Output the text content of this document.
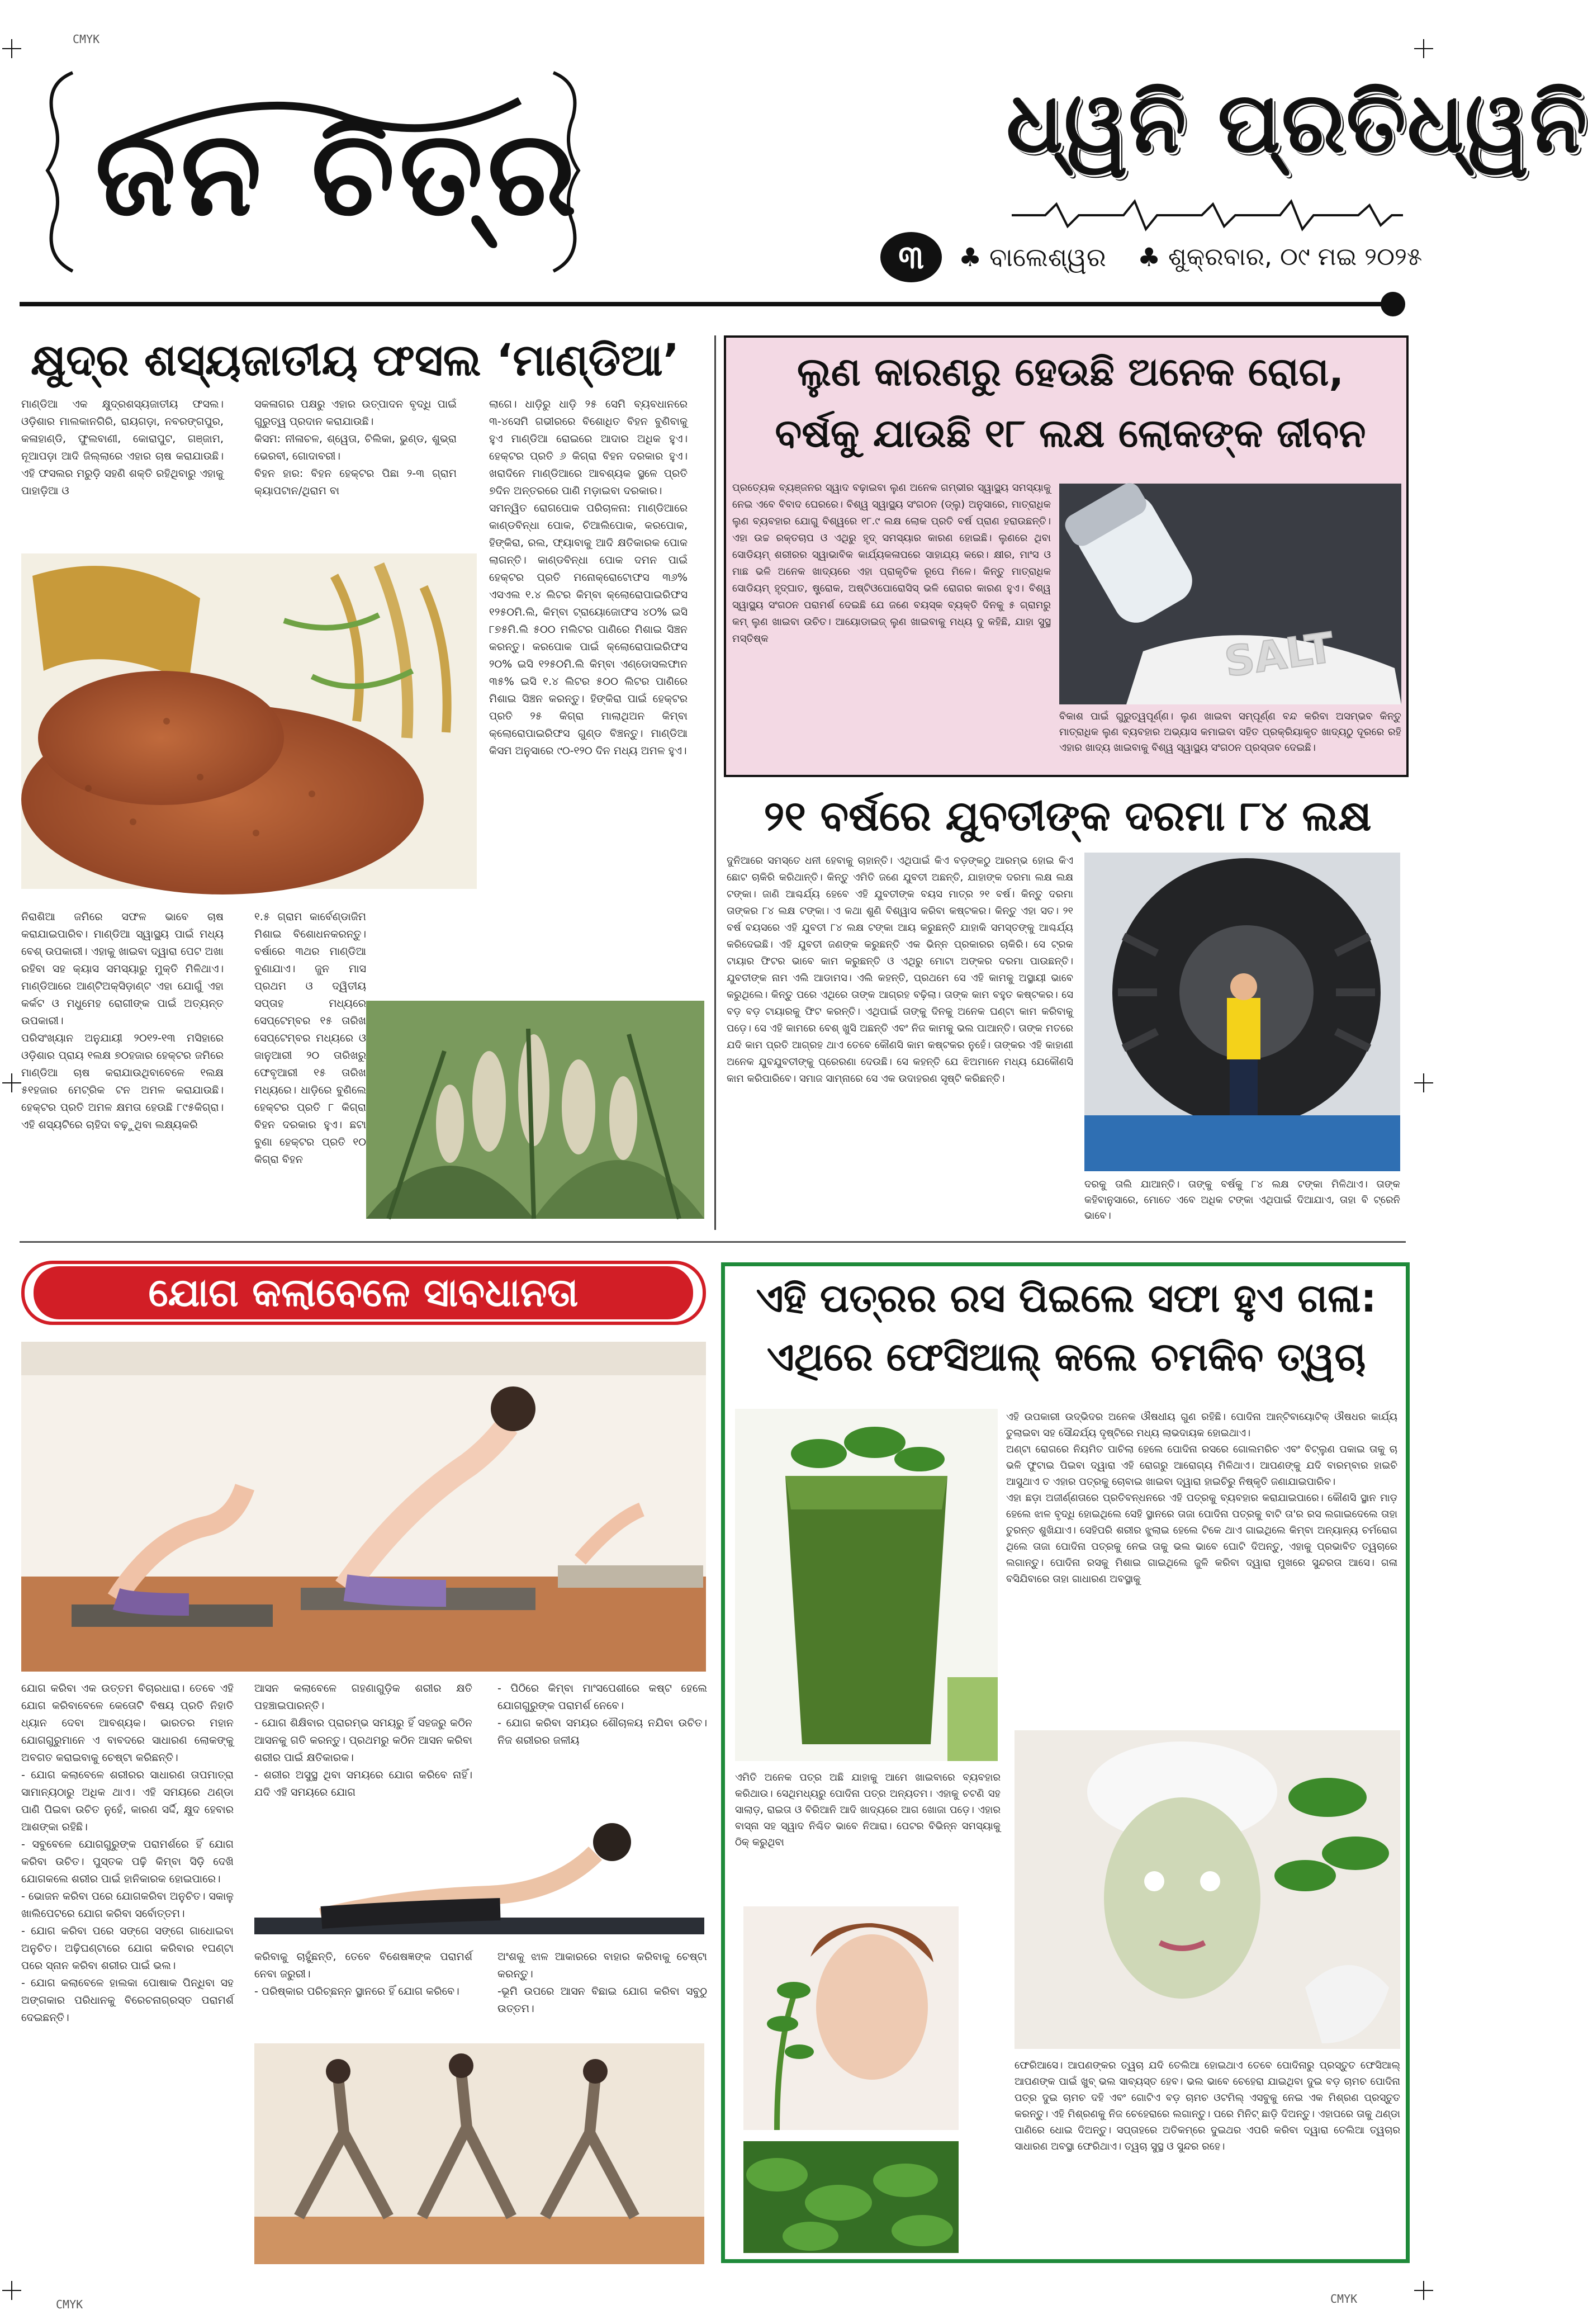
CMYK
CMYK
CMYK
ଜନ ଚିତ୍ର	ଧ୍ୱନି ପ୍ରତିଧ୍ୱନି
୩	♣ ବାଲେଶ୍ୱର ♣ ଶୁକ୍ରବାର, ୦୯ ମଇ ୨୦୨୫
କ୍ଷୁଦ୍ର ଶସ୍ୟଜାତୀୟ ଫସଲ ‘ମାଣ୍ଡିଆ’
ମାଣ୍ଡିଆ ଏକ କ୍ଷୁଦ୍ରଶସ୍ୟଜାତୀୟ ଫସଲ। ଓଡ଼ିଶାର ମାଲକାନଗିରି, ରାୟଗଡ଼ା, ନବରଙ୍ଗପୁର, କଳାହାଣ୍ଡି, ଫୁଲବାଣୀ, କୋରାପୁଟ, ଗଞ୍ଜାମ, ନୂଆପଡ଼ା ଆଦି ଜିଲ୍ଲାରେ ଏହାର ଚାଷ କରାଯାଉଛି। ଏହି ଫସଲର ମରୁଡ଼ି ସହଣି ଶକ୍ତି ରହିଥିବାରୁ ଏହାକୁ ପାହାଡ଼ିଆ ଓ
ସକଳାଗର ପକ୍ଷରୁ ଏହାର ଉତ୍ପାଦନ ବୃଦ୍ଧି ପାଇଁ ଗୁରୁତ୍ୱ ପ୍ରଦାନ କରାଯାଉଛି।
କିସମ: ନୀଳାଚଳ, ଶ୍ୱେତା, ଚିଲିକା, ଭୁଣ୍ଡ, ଶୁଭ୍ରା ଭେରବୀ, ଗୋଦାବରୀ।
ବିହନ ହାର: ବିହନ ହେକ୍ଟର ପିଛା ୨-୩ ଗ୍ରାମ କ୍ୟାପଟାନ/ଥିରାମ ବା
ଲାଗେ। ଧାଡ଼ିରୁ ଧାଡ଼ି ୨୫ ସେମି ବ୍ୟବଧାନରେ ୩-୪ସେମି ଗଭୀରରେ ବିଶୋଧିତ ବିହନ ବୁଣିବାକୁ ହୁଏ ମାଣ୍ଡିଆ ରୋଇରେ ଆଦାର ଅଧିକ ହୁଏ। ହେକ୍ଟର ପ୍ରତି ୬ କିଗ୍ରା ବିହନ ଦରକାର ହୁଏ। ଖରାଦିନେ ମାଣ୍ଡିଆରେ ଆବଶ୍ୟକ ସ୍ଥଳେ ପ୍ରତି ୭ଦିନ ଅନ୍ତରରେ ପାଣି ମଡ଼ାଇବା ଦରକାର।
ସମନ୍ୱିତ ରୋଗପୋକ ପରିଚାଳନା: ମାଣ୍ଡିଆରେ କାଣ୍ଡବିନ୍ଧା ପୋକ, ଚିଆଲିପୋକ, କରପୋକ, ହିଙ୍କିରା, ରଲ, ଫ୍ୟାବାକୁ ଆଦି କ୍ଷତିକାରକ ପୋକ ଲାଗନ୍ତି। କାଣ୍ଡବିନ୍ଧା ପୋକ ଦମନ ପାଇଁ ହେକ୍ଟର ପ୍ରତି ମନୋକ୍ରୋଟୋଫସ ୩୬% ଏସଏଲ ୧.୪ ଲିଟର କିମ୍ବା କ୍ଲୋରୋପାଇରିଫସ ୧୨୫୦ମି.ଲି, କିମ୍ବା ଟ୍ରାୟୋଜୋଫସ ୪୦% ଇସି ୮୭୫ମି.ଲି ୫୦୦ ମଲିଟର ପାଣିରେ ମିଶାଇ ସିଞ୍ଚନ କରନ୍ତୁ। କରପୋକ ପାଇଁ କ୍ଲୋରୋପାଇରିଫସ ୨୦% ଇସି ୧୨୫୦ମି.ଲି କିମ୍ବା ଏଣ୍ଡୋସଲଫାନ ୩୫% ଇସି ୧.୪ ଲିଟର ୫୦୦ ଲିଟର ପାଣିରେ ମିଶାଇ ସିଞ୍ଚନ କରନ୍ତୁ। ହିଙ୍କିରା ପାଇଁ ହେକ୍ଟର ପ୍ରତି ୨୫ କିଗ୍ରା ମାଲାଥିଅନ କିମ୍ବା କ୍ଲୋରୋପାଇରିଫସ ଗୁଣ୍ଡ ବିଞ୍ଚନ୍ତୁ। ମାଣ୍ଡିଆ କିସମ ଅନୁସାରେ ୯୦-୧୨୦ ଦିନ ମଧ୍ୟ ଅମଳ ହୁଏ।
ନିରାଶିଆ ଜମିରେ ସଫଳ ଭାବେ ଚାଷ କରାଯାଇପାରିବ। ମାଣ୍ଡିଆ ସ୍ୱାସ୍ଥ୍ୟ ପାଇଁ ମଧ୍ୟ ବେଶ୍ ଉପକାରୀ। ଏହାକୁ ଖାଇବା ଦ୍ୱାରା ପେଟ ଅଖା ରହିବା ସହ କ୍ୟାସ ସମସ୍ୟାରୁ ମୁକ୍ତି ମିଳିଥାଏ। ମାଣ୍ଡିଆରେ ଆଣ୍ଟିଅକ୍ସିଡ଼ାଣ୍ଟ ଏହା ଯୋଗୁଁ ଏହା କର୍କଟ ଓ ମଧୁମେହ ରୋଗୀଙ୍କ ପାଇଁ ଅତ୍ୟନ୍ତ ଉପକାରୀ।
ପରିସଂଖ୍ୟାନ ଅନୁଯାୟୀ ୨୦୧୨-୧୩ ମସିହାରେ ଓଡ଼ିଶାର ପ୍ରାୟ ୧ଲକ୍ଷ ୭୦ହଜାର ହେକ୍ଟର ଜମିରେ ମାଣ୍ଡିଆ ଚାଷ କରାଯାଉଥିବାବେଳେ ୧ଲକ୍ଷ ୫୧ହଜାର ମେଟ୍ରିକ ଟନ ଅମଳ କରାଯାଉଛି। ହେକ୍ଟର ପ୍ରତି ଅମଳ କ୍ଷମତା ହେଉଛି ୮୯୫କିଗ୍ରା। ଏହି ଶସ୍ୟଟିରେ ଚାହିଦା ବଢ଼ୁଥିବା ଲକ୍ଷ୍ୟକରି
୧.୫ ଗ୍ରାମ କାର୍ବେଣ୍ଡାଜିମ ମିଶାଇ ବିଶୋଧନକରନ୍ତୁ। ବର୍ଷାରେ ୩ଥର ମାଣ୍ଡିଆ ବୁଣାଯାଏ। ଜୁନ ମାସ ପ୍ରଥମ ଓ ଦ୍ୱିତୀୟ ସପ୍ତାହ ମଧ୍ୟରେ ସେପ୍ଟେମ୍ବର ୧୫ ତାରିଖ ସେପ୍ଟେମ୍ବର ମଧ୍ୟରେ ଓ ଜାନୁଆରୀ ୨୦ ତାରିଖରୁ ଫେବୃଆରୀ ୧୫ ତାରିଖ ମଧ୍ୟରେ। ଧାଡ଼ିରେ ବୁଣିଲେ ହେକ୍ଟର ପ୍ରତି ୮ କିଗ୍ରା ବିହନ ଦରକାର ହୁଏ। ଛଟା ବୁଣା ହେକ୍ଟର ପ୍ରତି ୧୦ କିଗ୍ରା ବିହନ
ଲୁଣ କାରଣରୁ ହେଉଛି ଅନେକ ରୋଗ,
ବର୍ଷକୁ ଯାଉଛି ୧୮ ଲକ୍ଷ ଲୋକଙ୍କ ଜୀବନ
ପ୍ରତ୍ୟେକ ବ୍ୟଞ୍ଜନର ସ୍ୱାଦ ବଢ଼ାଇବା ଲୁଣ ଅନେକ ଗମ୍ଭୀର ସ୍ୱାସ୍ଥ୍ୟ ସମସ୍ୟାକୁ ନେଇ ଏବେ ବିବାଦ ଘେରରେ। ବିଶ୍ୱ ସ୍ୱାସ୍ଥ୍ୟ ସଂଗଠନ (ଡ୍ଲୁ) ଅନୁସାରେ, ମାତ୍ରାଧିକ ଲୁଣ ବ୍ୟବହାର ଯୋଗୁ ବିଶ୍ୱରେ ୧୮.୯ ଲକ୍ଷ ଲୋକ ପ୍ରତି ବର୍ଷ ପ୍ରାଣ ହରାଉଛନ୍ତି। ଏହା ଉଚ୍ଚ ରକ୍ତଚାପ ଓ ଏଥିରୁ ହୃଦ୍ ସମସ୍ୟାର କାରଣ ହୋଇଛି। ଲୁଣରେ ଥିବା ସୋଡିୟମ୍ ଶରୀରର ସ୍ୱାଭାବିକ କାର୍ଯ୍ୟକଳାପରେ ସାହାଯ୍ୟ କରେ। କ୍ଷୀର, ମାଂସ ଓ ମାଛ ଭଳି ଅନେକ ଖାଦ୍ୟରେ ଏହା ପ୍ରାକୃତିକ ରୂପେ ମିଳେ। କିନ୍ତୁ ମାତ୍ରାଧିକ ସୋଡିୟମ୍ ହୃଦ୍‌ଘାତ, ଷ୍ଟ୍ରୋକ, ଅଷ୍ଟିଓପୋରୋସିସ୍ ଭଳି ରୋଗର କାରଣ ହୁଏ। ବିଶ୍ୱ ସ୍ୱାସ୍ଥ୍ୟ ସଂଗଠନ ପରାମର୍ଶ ଦେଇଛି ଯେ ଜଣେ ବୟସ୍କ ବ୍ୟକ୍ତି ଦିନକୁ ୫ ଗ୍ରାମରୁ କମ୍ ଲୁଣ ଖାଇବା ଉଚିତ। ଆୟୋଡାଇଜ୍ ଲୁଣ ଖାଇବାକୁ ମଧ୍ୟ ଦୁ କହିଛି, ଯାହା ସୁସ୍ଥ ମସ୍ତିଷ୍କ	SALT
ବିକାଶ ପାଇଁ ଗୁରୁତ୍ୱପୂର୍ଣ୍ଣ। ଲୁଣ ଖାଇବା ସମ୍ପୂର୍ଣ୍ଣ ବନ୍ଦ କରିବା ଅସମ୍ଭବ କିନ୍ତୁ ମାତ୍ରାଧିକ ଲୁଣ ବ୍ୟବହାର ଅଭ୍ୟାସ କମାଇବା ସହିତ ପ୍ରକ୍ରିୟାକୃତ ଖାଦ୍ୟଠୁ ଦୂରରେ ରହି ଏହାର ଖାଦ୍ୟ ଖାଇବାକୁ ବିଶ୍ୱ ସ୍ୱାସ୍ଥ୍ୟ ସଂଗଠନ ପ୍ରସ୍ତାବ ଦେଇଛି।
୨୧ ବର୍ଷରେ ଯୁବତୀଙ୍କ ଦରମା ୮୪ ଲକ୍ଷ
ଦୁନିଆରେ ସମସ୍ତେ ଧନୀ ହେବାକୁ ଚାହାନ୍ତି। ଏଥିପାଇଁ କିଏ ବଡ଼ଙ୍କଠୁ ଆରମ୍ଭ ହୋଇ କିଏ ଛୋଟ ଚାକିରି କରିଥାନ୍ତି। କିନ୍ତୁ ଏମିତି ଜଣେ ଯୁବତୀ ଅଛନ୍ତି, ଯାହାଙ୍କ ଦରମା ଲକ୍ଷ ଲକ୍ଷ ଟଙ୍କା। ଜାଣି ଆଶ୍ଚର୍ଯ୍ୟ ହେବେ ଏହି ଯୁବତୀଙ୍କ ବୟସ ମାତ୍ର ୨୧ ବର୍ଷ। କିନ୍ତୁ ଦରମା ତାଙ୍କର ୮୪ ଲକ୍ଷ ଟଙ୍କା। ଏ କଥା ଶୁଣି ବିଶ୍ୱାସ କରିବା କଷ୍ଟକର। କିନ୍ତୁ ଏହା ସତ। ୨୧ ବର୍ଷ ବୟସରେ ଏହି ଯୁବତୀ ୮୪ ଲକ୍ଷ ଟଙ୍କା ଆୟ କରୁଛନ୍ତି ଯାହାକି ସମସ୍ତଙ୍କୁ ଆଶ୍ଚର୍ଯ୍ୟ କରିଦେଇଛି। ଏହି ଯୁବତୀ ଜଣଙ୍କ କରୁଛନ୍ତି ଏକ ଭିନ୍ନ ପ୍ରକାରର ଚାକିରି। ସେ ଟ୍ରକ ଟାୟାର ଫିଟର ଭାବେ କାମ କରୁଛନ୍ତି ଓ ଏଥିରୁ ମୋଟା ଅଙ୍କର ଦରମା ପାଉଛନ୍ତି। ଯୁବତୀଙ୍କ ନାମ ଏଲି ଆଡାମସ। ଏଲି କହନ୍ତି, ପ୍ରଥମେ ସେ ଏହି କାମକୁ ଅସ୍ଥାୟୀ ଭାବେ କରୁଥିଲେ। କିନ୍ତୁ ପରେ ଏଥିରେ ତାଙ୍କ ଆଗ୍ରହ ବଢ଼ିଲା। ତାଙ୍କ କାମ ବହୁତ କଷ୍ଟକର। ସେ ବଡ଼ ବଡ଼ ଟାୟାରକୁ ଫିଟ କରନ୍ତି। ଏଥିପାଇଁ ତାଙ୍କୁ ଦିନକୁ ଅନେକ ଘଣ୍ଟା କାମ କରିବାକୁ ପଡ଼େ। ସେ ଏହି କାମରେ ବେଶ୍ ଖୁସି ଅଛନ୍ତି ଏବଂ ନିଜ କାମକୁ ଭଲ ପାଆନ୍ତି। ତାଙ୍କ ମତରେ ଯଦି କାମ ପ୍ରତି ଆଗ୍ରହ ଥାଏ ତେବେ କୌଣସି କାମ କଷ୍ଟକର ନୁହେଁ। ତାଙ୍କର ଏହି କାହାଣୀ ଅନେକ ଯୁବଯୁବତୀଙ୍କୁ ପ୍ରେରଣା ଦେଉଛି। ସେ କହନ୍ତି ଯେ ଝିଅମାନେ ମଧ୍ୟ ଯେକୌଣସି କାମ କରିପାରିବେ। ସମାଜ ସାମ୍ନାରେ ସେ ଏକ ଉଦାହରଣ ସୃଷ୍ଟି କରିଛନ୍ତି।
ଦରକୁ ତାଲି ଯାଆନ୍ତି। ତାଙ୍କୁ ବର୍ଷକୁ ୮୪ ଲକ୍ଷ ଟଙ୍କା ମିଳିଥାଏ। ତାଙ୍କ କହିବାନୁସାରେ, ମୋତେ ଏବେ ଅଧିକ ଟଙ୍କା ଏଥିପାଇଁ ଦିଆଯାଏ, ତାହା ବି ଟ୍ରେନି ଭାବେ।
ଯୋଗ କଲାବେଳେ ସାବଧାନତା
ଯୋଗ କରିବା ଏକ ଉତ୍ତମ ବିଚାରଧାରା। ତେବେ ଏହି ଯୋଗ କରିବାବେଳେ କେତୋଟି ବିଷୟ ପ୍ରତି ନିହାତି ଧ୍ୟାନ ଦେବା ଆବଶ୍ୟକ। ଭାରତର ମହାନ ଯୋଗଗୁରୁମାନେ ଏ ବାବଦରେ ସାଧାରଣ ଲୋକଙ୍କୁ ଅବଗତ କରାଇବାକୁ ଚେଷ୍ଟା କରିଛନ୍ତି।
- ଯୋଗ କଲାବେଳେ ଶରୀରର ସାଧାରଣ ତାପମାତ୍ରା ସାମାନ୍ୟଠାରୁ ଅଧିକ ଥାଏ। ଏହି ସମୟରେ ଥଣ୍ଡା ପାଣି ପିଇବା ଉଚିତ ନୁହେଁ, କାରଣ ସର୍ଦ୍ଦି, କ୍ଷୁଦ ହେବାର ଆଶଙ୍କା ରହିଛି।
- ସବୁବେଳେ ଯୋଗଗୁରୁଙ୍କ ପରାମର୍ଶରେ ହିଁ ଯୋଗ କରିବା ଉଚିତ। ପୁସ୍ତକ ପଢ଼ି କିମ୍ବା ସିଡ଼ି ଦେଖି ଯୋଗକଲେ ଶରୀର ପାଇଁ ହାନିକାରକ ହୋଇପାରେ।
- ଭୋଜନ କରିବା ପରେ ଯୋଗକରିବା ଅନୁଚିତ। ସକାଳୁ ଖାଲିପେଟରେ ଯୋଗ କରିବା ସର୍ବୋତ୍ତମ।
- ଯୋଗ କରିବା ପରେ ସଙ୍ଗେ ସଙ୍ଗେ ଗାଧୋଇବା ଅନୁଚିତ। ଅଢ଼ିଘଣ୍ଟାରେ ଯୋଗ କରିବାର ୧ଘଣ୍ଟା ପରେ ସ୍ନାନ କରିବା ଶରୀର ପାଇଁ ଭଲ।
- ଯୋଗ କଲାବେଳେ ହାଲକା ପୋଷାକ ପିନ୍ଧିବା ସହ ଅଙ୍ଗକାର ପରିଧାନକୁ ବିରେଚନାଗ୍ରସ୍ତ ପରାମର୍ଶ ଦେଇଛନ୍ତି।
ଆସନ କଲାବେଳେ ଗହଣାଗୁଡ଼ିକ ଶରୀର କ୍ଷତି ପହଞ୍ଚାଇପାରନ୍ତି।
- ଯୋଗ ଶିକ୍ଷିବାର ପ୍ରାରମ୍ଭ ସମୟରୁ ହିଁ ସହଜରୁ କଠିନ ଆସନକୁ ଗତି କରନ୍ତୁ। ପ୍ରଥମରୁ କଠିନ ଆସନ କରିବା ଶରୀର ପାଇଁ କ୍ଷତିକାରକ।
- ଶରୀର ଅସୁସ୍ଥ ଥିବା ସମୟରେ ଯୋଗ କରିବେ ନାହିଁ। ଯଦି ଏହି ସମୟରେ ଯୋଗ
- ପିଠିରେ କିମ୍ବା ମାଂସପେଶୀରେ କଷ୍ଟ ହେଲେ ଯୋଗଗୁରୁଙ୍କ ପରାମର୍ଶ ନେବେ।
- ଯୋଗ କରିବା ସମୟର ଶୌଚାଳୟ ନଯିବା ଉଚିତ। ନିଜ ଶରୀରର ଜଳୀୟ
କରିବାକୁ ଚାହୁଁଛନ୍ତି, ତେବେ ବିଶେଷଜ୍ଞଙ୍କ ପରାମର୍ଶ ନେବା ଜରୁରୀ।
- ପରିଷ୍କାର ପରିଚ୍ଛନ୍ନ ସ୍ଥାନରେ ହିଁ ଯୋଗ କରିବେ।
ଅଂଶକୁ ଝାଳ ଆକାରରେ ବାହାର କରିବାକୁ ଚେଷ୍ଟା କରନ୍ତୁ।
-ଭୂମି ଉପରେ ଆସନ ବିଛାଇ ଯୋଗ କରିବା ସବୁଠୁ ଉତ୍ତମ।
ଏହି ପତ୍ରର ରସ ପିଇଲେ ସଫା ହୁଏ ଗଳା:
ଏଥିରେ ଫେସିଆଲ୍ କଲେ ଚମକିବ ତ୍ୱଚା
ଏହି ଉପକାରୀ ଉଦ୍ଭିଦର ଅନେକ ଔଷଧୀୟ ଗୁଣ ରହିଛି। ପୋଦିନା ଆନ୍ଟିବାୟୋଟିକ୍ ଔଷଧର କାର୍ଯ୍ୟ ତୁଲାଇବା ସହ ସୌନ୍ଦର୍ଯ୍ୟ ଦୃଷ୍ଟିରେ ମଧ୍ୟ ଲାଭଦାୟକ ହୋଇଥାଏ।
ଅଣ୍ଟା ରୋଗରେ ନିୟମିତ ପାଚିଲା ହେଲେ ପୋଦିନା ରସରେ ଗୋଲମରିଚ ଏବଂ ବିଟ୍‌ଲୁଣ ପକାଇ ତାକୁ ଚା ଭଳି ଫୁଟାଇ ପିଇବା ଦ୍ୱାରା ଏହି ରୋଗରୁ ଆରୋଗ୍ୟ ମିଳିଥାଏ। ଆପଣଙ୍କୁ ଯଦି ବାରମ୍ବାର ହାଇଚି ଆସୁଥାଏ ତ ଏହାର ପତ୍ରକୁ ଚୋବାଇ ଖାଇବା ଦ୍ୱାରା ହାଇଚିରୁ ନିଷ୍କୃତି ଜଣାଯାଇପାରିବ।
ଏହା ଛଡ଼ା ଅଜୀର୍ଣ୍ଣତାରେ ପ୍ରତିବନ୍ଧନରେ ଏହି ପତ୍ରକୁ ବ୍ୟବହାର କରାଯାଇପାରେ। କୌଣସି ସ୍ଥାନ ମାଡ଼ ହେଲେ ଝାଳ ବୃଦ୍ଧି ହୋଇଥିଲେ ସେହି ସ୍ଥାନରେ ତାଜା ପୋଦିନା ପତ୍ରକୁ ବାଟି ତା'ର ରସ ଲଗାଇଦେଲେ ତାହା ତୁରନ୍ତ ଶୁଖିଯାଏ। ସେହିପରି ଶରୀର ଝୁଲାଇ ହେଲେ ଟିକେ ଥାଏ ଗାଇଥିଲେ କିମ୍ବା ଅନ୍ୟାନ୍ୟ ଚର୍ମରୋଗ ଥିଲେ ତାଜା ପୋଦିନା ପତ୍ରକୁ ନେଇ ତାକୁ ଭଲ ଭାବେ ଘୋଟି ଦିଅନ୍ତୁ, ଏହାକୁ ପ୍ରଭାବିତ ତ୍ୱଚାରେ ଲଗାନ୍ତୁ। ପୋଦିନା ରସକୁ ମିଶାଇ ଗାଇଥିଲେ ଜୁଳି କରିବା ଦ୍ୱାରା ମୁଖରେ ସୁନ୍ଦରତା ଆସେ। ଗଳା ବସିଯିବାରେ ତାହା ଗାଧାରଣ ଅବସ୍ଥାକୁ
ଏମିତି ଅନେକ ପତ୍ର ଅଛି ଯାହାକୁ ଆମେ ଖାଇବାରେ ବ୍ୟବହାର କରିଥାଉ। ସେଥିମଧ୍ୟରୁ ପୋଦିନା ପତ୍ର ଅନ୍ୟତମ। ଏହାକୁ ଚଟଣି ସହ ସାଲାଡ଼, ରାଇତା ଓ ବିରିଆନି ଆଦି ଖାଦ୍ୟରେ ଆଗ ଖୋଜା ପଡ଼େ। ଏହାର ବାସ୍ନା ସହ ସ୍ୱାଦ ନିଶ୍ଚିତ ଭାବେ ନିଆରା। ପେଟର ବିଭିନ୍ନ ସମସ୍ୟାକୁ ଠିକ୍ କରୁଥିବା
ଫେରିଆସେ। ଆପଣଙ୍କର ତ୍ୱଚା ଯଦି ତେଲିଆ ହୋଇଥାଏ ତେବେ ପୋଦିନାରୁ ପ୍ରସ୍ତୁତ ଫେସିଆଲ୍ ଆପଣଙ୍କ ପାଇଁ ଖୁବ୍ ଭଲ ସାବ୍ୟସ୍ତ ହେବ। ଭଲ ଭାବେ ଚେହେରା ଯାଇଥିବା ଦୁଇ ବଡ଼ ଚାମଚ ପୋଦିନା ପତ୍ର ଦୁଇ ଚାମଚ ଦହି ଏବଂ ଗୋଟିଏ ବଡ଼ ଚାମଚ ଓଟମିଲ୍ ଏସବୁକୁ ନେଇ ଏକ ମିଶ୍ରଣ ପ୍ରସ୍ତୁତ କରନ୍ତୁ। ଏହି ମିଶ୍ରଣକୁ ନିଜ ଚେହେରାରେ ଲଗାନ୍ତୁ। ପରେ ମିନିଟ୍ ଛାଡ଼ି ଦିଅନ୍ତୁ। ଏହାପରେ ତାକୁ ଥଣ୍ଡା ପାଣିରେ ଧୋଇ ଦିଅନ୍ତୁ। ସପ୍ତାହରେ ଅତିକମ୍‌ରେ ଦୁଇଥର ଏପରି କରିବା ଦ୍ୱାରା ତେଲିଆ ତ୍ୱଚାର ସାଧାରଣ ଅବସ୍ଥା ଫେରିଥାଏ। ତ୍ୱଚା ସୁସ୍ଥ ଓ ସୁନ୍ଦର ରହେ।
